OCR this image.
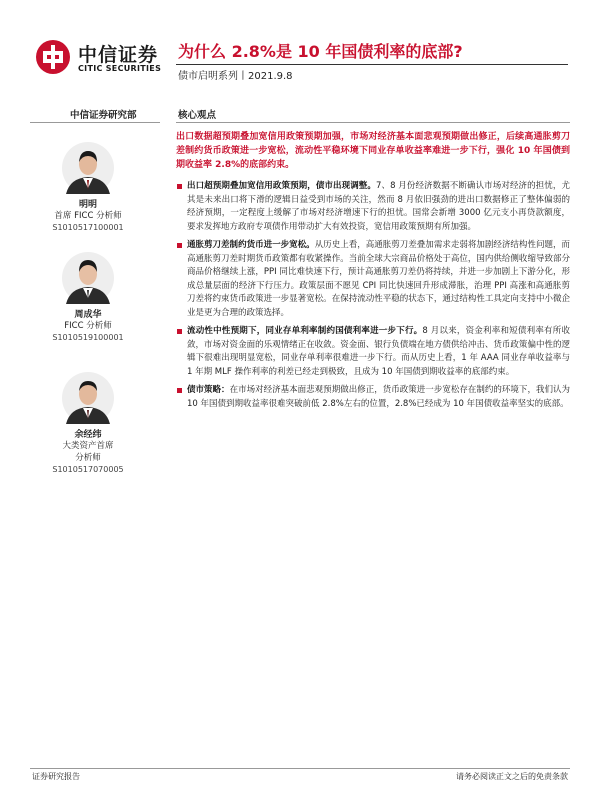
中信证券
CITIC SECURITIES
为什么 2.8%是 10 年国债利率的底部?
债市启明系列丨2021.9.8
中信证券研究部	核心观点
明明
首席 FICC 分析师
S1010517100001
周成华
FICC 分析师
S1010519100001
余经纬
大类资产首席
分析师
S1010517070005
出口数据超预期叠加宽信用政策预期加强，市场对经济基本面悲观预期做出修正，后续高通胀剪刀差制约货币政策进一步宽松，流动性平稳环境下同业存单收益率难进一步下行，强化 10 年国债到期收益率 2.8%的底部约束。
出口超预期叠加宽信用政策预期，债市出现调整。7、8 月份经济数据不断确认市场对经济的担忧，尤其是未来出口将下滑的逻辑日益受到市场的关注，然而 8 月依旧强劲的进出口数据修正了整体偏弱的经济预期，一定程度上缓解了市场对经济增速下行的担忧。国常会新增 3000 亿元支小再贷款额度，要求发挥地方政府专项债作用带动扩大有效投资，宽信用政策预期有所加强。
通胀剪刀差制约货币进一步宽松。从历史上看，高通胀剪刀差叠加需求走弱将加剧经济结构性问题，而高通胀剪刀差时期货币政策都有收紧操作。当前全球大宗商品价格处于高位，国内供给侧收缩导致部分商品价格继续上涨，PPI 同比难快速下行，预计高通胀剪刀差仍将持续，并进一步加剧上下游分化，形成总量层面的经济下行压力。政策层面不愿见 CPI 同比快速回升形成滞胀，治理 PPI 高涨和高通胀剪刀差将约束货币政策进一步显著宽松。在保持流动性平稳的状态下，通过结构性工具定向支持中小微企业是更为合理的政策选择。
流动性中性预期下，同业存单利率制约国债利率进一步下行。8 月以来，资金利率和短债利率有所收敛，市场对资金面的乐观情绪正在收敛。资金面、银行负债端在地方债供给冲击、货币政策偏中性的逻辑下很难出现明显宽松，同业存单利率很难进一步下行。而从历史上看，1 年 AAA 同业存单收益率与 1 年期 MLF 操作利率的利差已经走到极致，且成为 10 年国债到期收益率的底部约束。
债市策略：在市场对经济基本面悲观预期做出修正，货币政策进一步宽松存在制约的环境下，我们认为 10 年国债到期收益率很难突破前低 2.8%左右的位置，2.8%已经成为 10 年国债收益率坚实的底部。
证券研究报告	请务必阅读正文之后的免责条款
